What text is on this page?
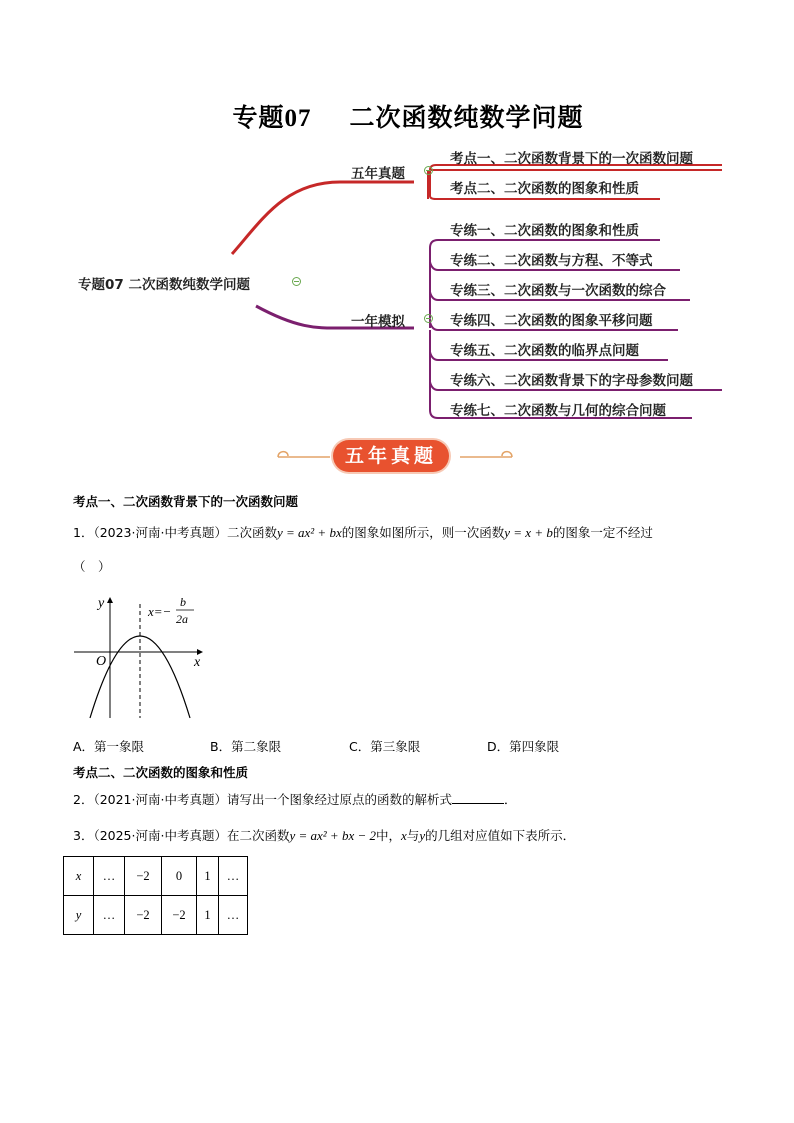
专题07 二次函数纯数学问题
专题07 二次函数纯数学问题
五年真题
一年模拟
考点一、二次函数背景下的一次函数问题
考点二、二次函数的图象和性质
专练一、二次函数的图象和性质
专练二、二次函数与方程、不等式
专练三、二次函数与一次函数的综合
专练四、二次函数的图象平移问题
专练五、二次函数的临界点问题
专练六、二次函数背景下的字母参数问题
专练七、二次函数与几何的综合问题
五年真题
考点一、二次函数背景下的一次函数问题
1．（2023·河南·中考真题）二次函数y = ax² + bx的图象如图所示，则一次函数y = x + b的图象一定不经过
（　）
y
x
O
x=−
b
2a
A．第一象限	B．第二象限	C．第三象限	D．第四象限
考点二、二次函数的图象和性质
2．（2021·河南·中考真题）请写出一个图象经过原点的函数的解析式	．
3．（2025·河南·中考真题）在二次函数y = ax² + bx − 2中，x与y的几组对应值如下表所示．
x	…	−2	0	1	…
y	…	−2	−2	1	…
